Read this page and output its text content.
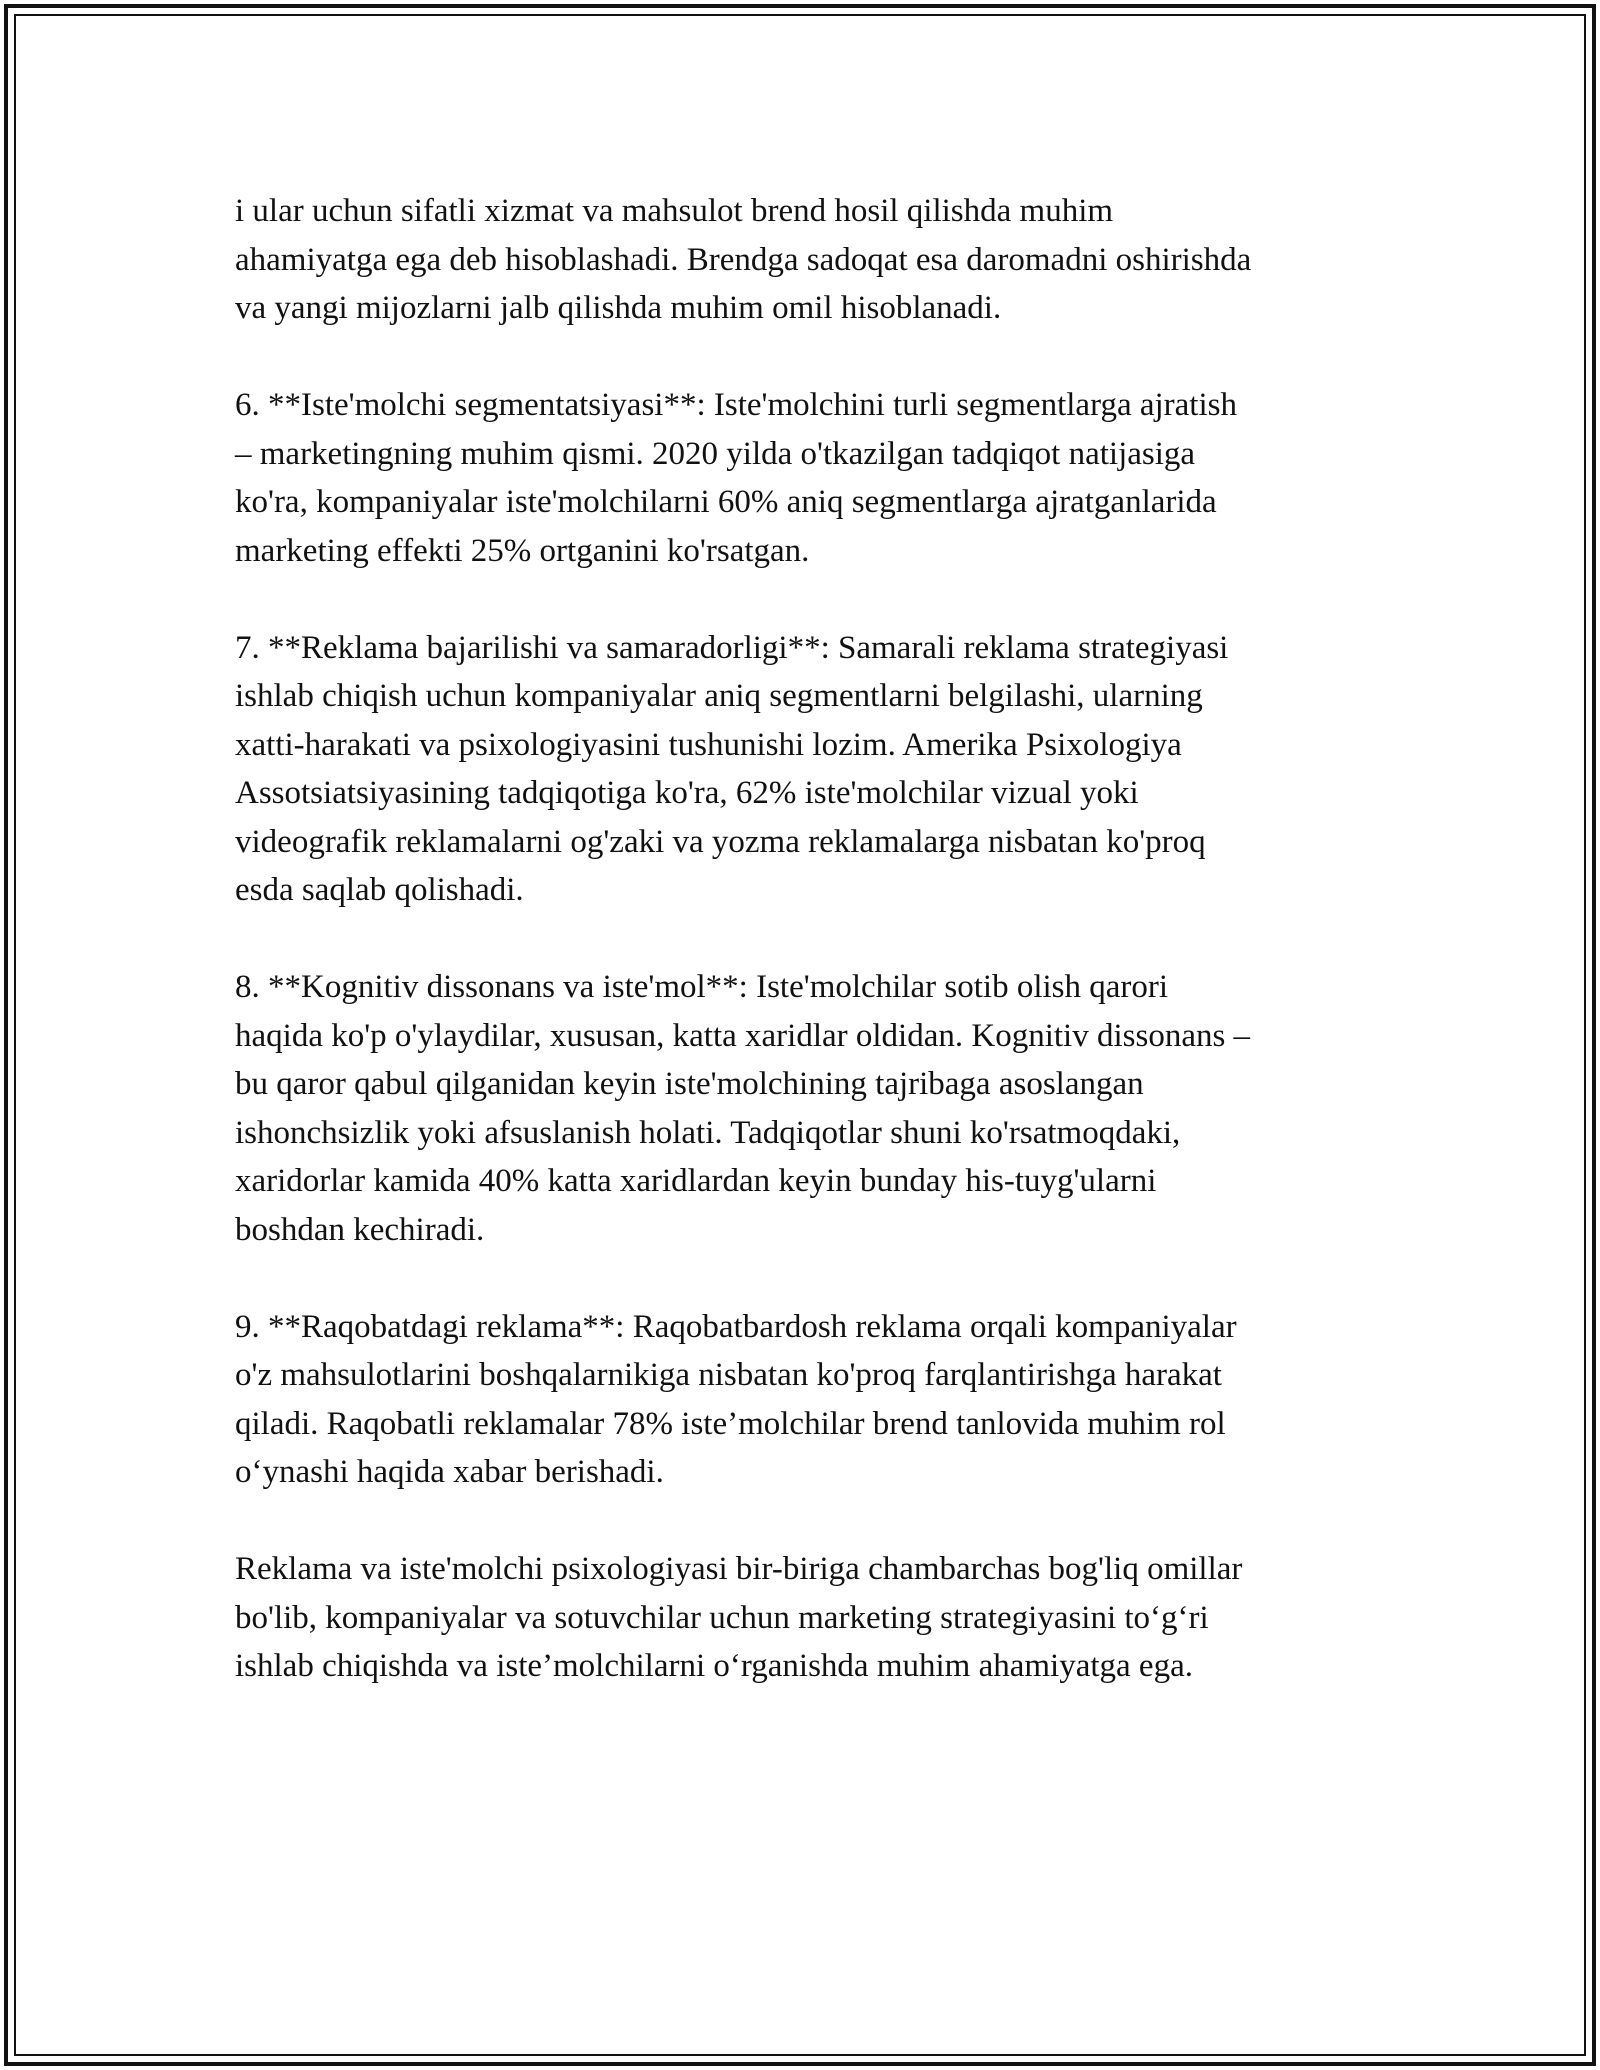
i ular uchun sifatli xizmat va mahsulot brend hosil qilishda muhim
ahamiyatga ega deb hisoblashadi. Brendga sadoqat esa daromadni oshirishda
va yangi mijozlarni jalb qilishda muhim omil hisoblanadi.

6. **Iste'molchi segmentatsiyasi**: Iste'molchini turli segmentlarga ajratish
– marketingning muhim qismi. 2020 yilda o'tkazilgan tadqiqot natijasiga
ko'ra, kompaniyalar iste'molchilarni 60% aniq segmentlarga ajratganlarida
marketing effekti 25% ortganini ko'rsatgan.

7. **Reklama bajarilishi va samaradorligi**: Samarali reklama strategiyasi
ishlab chiqish uchun kompaniyalar aniq segmentlarni belgilashi, ularning
xatti-harakati va psixologiyasini tushunishi lozim. Amerika Psixologiya
Assotsiatsiyasining tadqiqotiga ko'ra, 62% iste'molchilar vizual yoki
videografik reklamalarni og'zaki va yozma reklamalarga nisbatan ko'proq
esda saqlab qolishadi.

8. **Kognitiv dissonans va iste'mol**: Iste'molchilar sotib olish qarori
haqida ko'p o'ylaydilar, xususan, katta xaridlar oldidan. Kognitiv dissonans –
bu qaror qabul qilganidan keyin iste'molchining tajribaga asoslangan
ishonchsizlik yoki afsuslanish holati. Tadqiqotlar shuni ko'rsatmoqdaki,
xaridorlar kamida 40% katta xaridlardan keyin bunday his-tuyg'ularni
boshdan kechiradi.

9. **Raqobatdagi reklama**: Raqobatbardosh reklama orqali kompaniyalar
o'z mahsulotlarini boshqalarnikiga nisbatan ko'proq farqlantirishga harakat
qiladi. Raqobatli reklamalar 78% iste’molchilar brend tanlovida muhim rol
o‘ynashi haqida xabar berishadi.

Reklama va iste'molchi psixologiyasi bir-biriga chambarchas bog'liq omillar
bo'lib, kompaniyalar va sotuvchilar uchun marketing strategiyasini to‘g‘ri
ishlab chiqishda va iste’molchilarni o‘rganishda muhim ahamiyatga ega.
